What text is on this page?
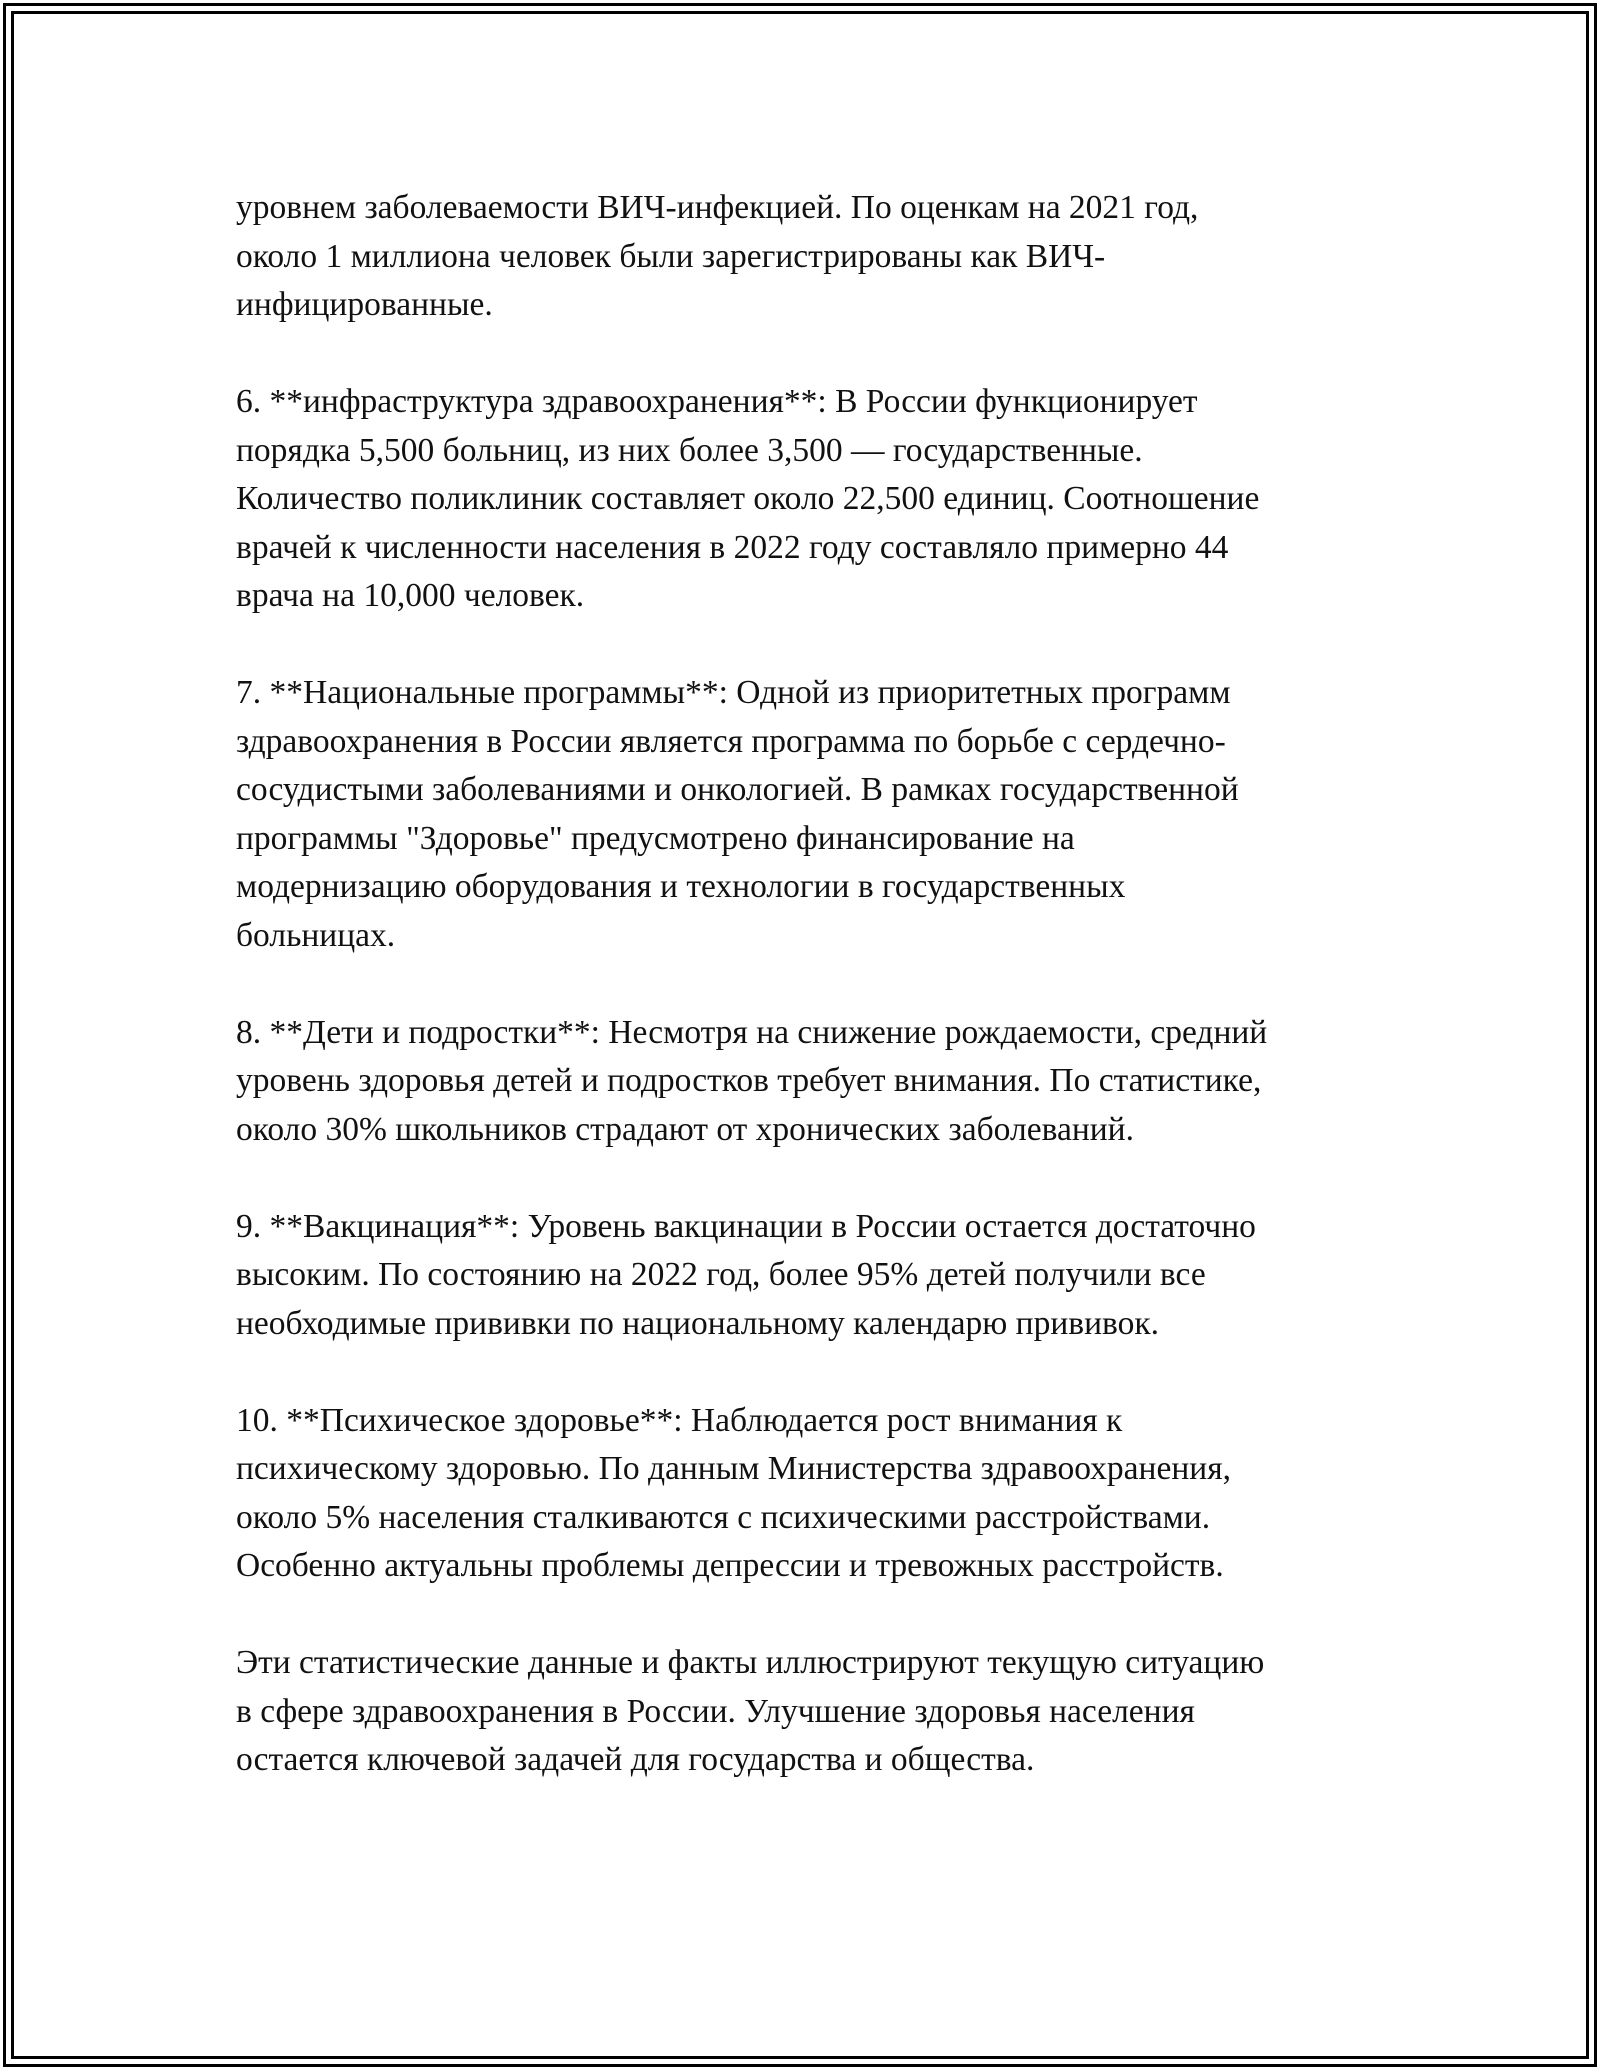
уровнем заболеваемости ВИЧ-инфекцией. По оценкам на 2021 год,
около 1 миллиона человек были зарегистрированы как ВИЧ-
инфицированные.

6. **инфраструктура здравоохранения**: В России функционирует
порядка 5,500 больниц, из них более 3,500 — государственные.
Количество поликлиник составляет около 22,500 единиц. Соотношение
врачей к численности населения в 2022 году составляло примерно 44
врача на 10,000 человек.

7. **Национальные программы**: Одной из приоритетных программ
здравоохранения в России является программа по борьбе с сердечно-
сосудистыми заболеваниями и онкологией. В рамках государственной
программы "Здоровье" предусмотрено финансирование на
модернизацию оборудования и технологии в государственных
больницах.

8. **Дети и подростки**: Несмотря на снижение рождаемости, средний
уровень здоровья детей и подростков требует внимания. По статистике,
около 30% школьников страдают от хронических заболеваний.

9. **Вакцинация**: Уровень вакцинации в России остается достаточно
высоким. По состоянию на 2022 год, более 95% детей получили все
необходимые прививки по национальному календарю прививок.

10. **Психическое здоровье**: Наблюдается рост внимания к
психическому здоровью. По данным Министерства здравоохранения,
около 5% населения сталкиваются с психическими расстройствами.
Особенно актуальны проблемы депрессии и тревожных расстройств.

Эти статистические данные и факты иллюстрируют текущую ситуацию
в сфере здравоохранения в России. Улучшение здоровья населения
остается ключевой задачей для государства и общества.
